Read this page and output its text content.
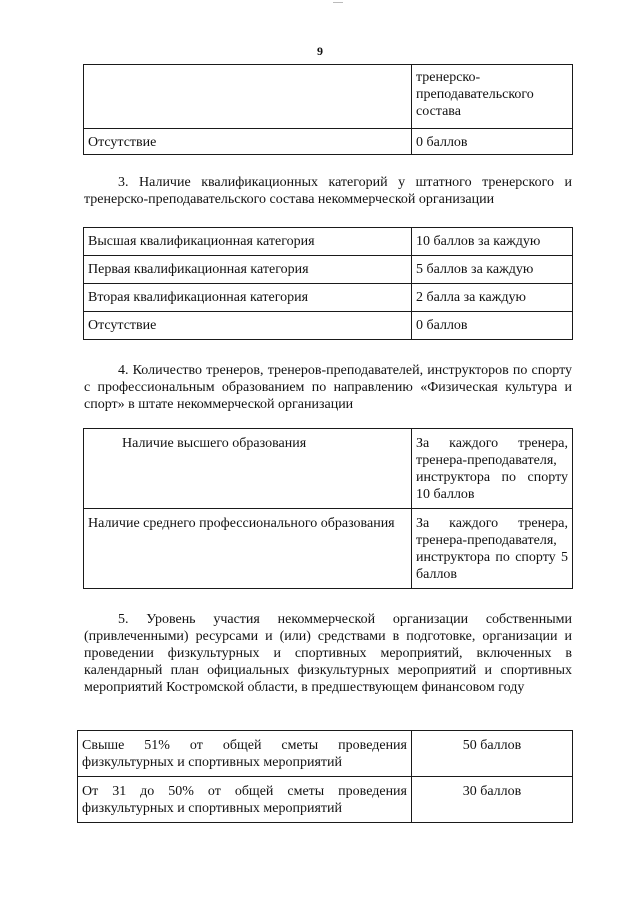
9
	тренерско-преподавательского состава
Отсутствие	0 баллов
3. Наличие квалификационных категорий у штатного тренерского и тренерско-преподавательского состава некоммерческой организации
Высшая квалификационная категория	10 баллов за каждую
Первая квалификационная категория	5 баллов за каждую
Вторая квалификационная категория	2 балла за каждую
Отсутствие	0 баллов
4. Количество тренеров, тренеров-преподавателей, инструкторов по спорту с профессиональным образованием по направлению «Физическая культура и спорт» в штате некоммерческой организации
Наличие высшего образования	За каждого тренера, тренера-преподавателя, инструктора по спорту 10 баллов
Наличие среднего профессионального образования	За каждого тренера, тренера-преподавателя, инструктора по спорту 5 баллов
5. Уровень участия некоммерческой организации собственными (привлеченными) ресурсами и (или) средствами в подготовке, организации и проведении физкультурных и спортивных мероприятий, включенных в календарный план официальных физкультурных мероприятий и спортивных мероприятий Костромской области, в предшествующем финансовом году
Свыше 51% от общей сметы проведения физкультурных и спортивных мероприятий	50 баллов
От 31 до 50% от общей сметы проведения физкультурных и спортивных мероприятий	30 баллов
